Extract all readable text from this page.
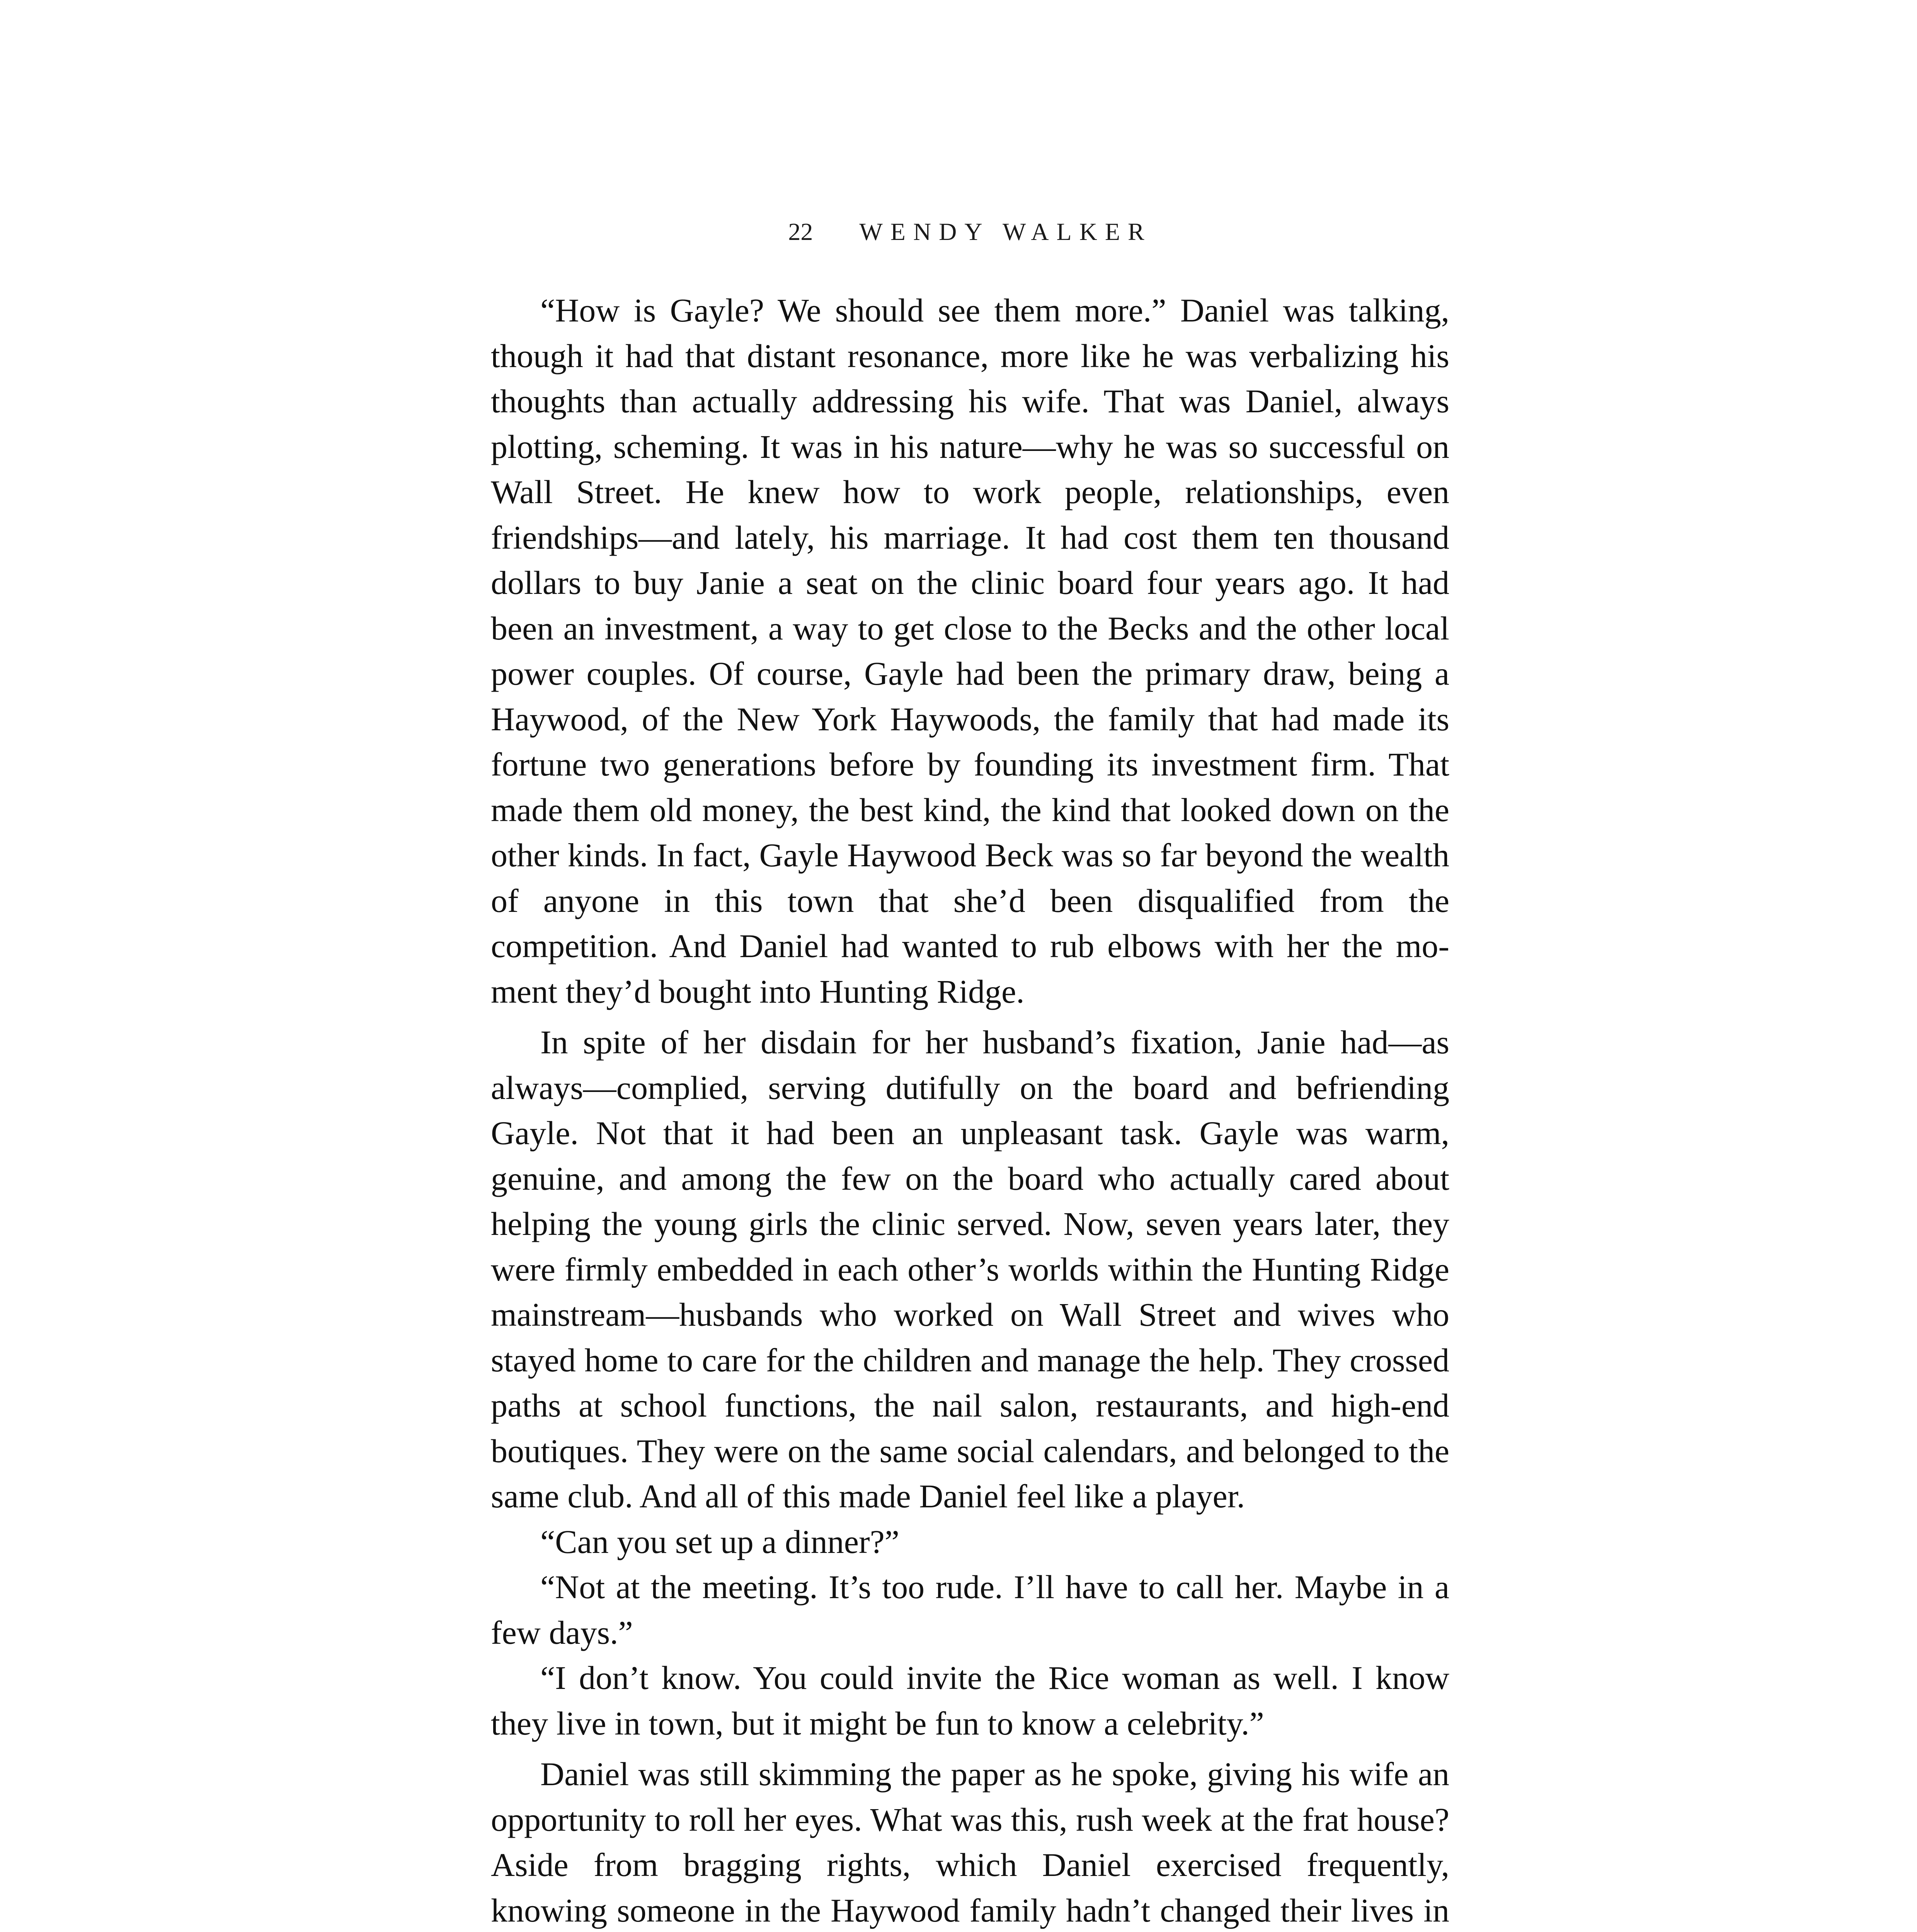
22 WENDY WALKER

“How is Gayle? We should see them more.” Daniel was talking, though it had that distant resonance, more like he was verbalizing his thoughts than actually addressing his wife. That was Daniel, always plotting, scheming. It was in his nature—why he was so successful on Wall Street. He knew how to work people, relationships, even friendships—and lately, his marriage. It had cost them ten thousand dollars to buy Janie a seat on the clinic board four years ago. It had been an investment, a way to get close to the Becks and the other local power couples. Of course, Gayle had been the primary draw, being a Haywood, of the New York Haywoods, the family that had made its fortune two generations before by founding its investment firm. That made them old money, the best kind, the kind that looked down on the other kinds. In fact, Gayle Haywood Beck was so far beyond the wealth of anyone in this town that she’d been disqualified from the competition. And Daniel had wanted to rub elbows with her the moment they’d bought into Hunting Ridge.

In spite of her disdain for her husband’s fixation, Janie had—as always—complied, serving dutifully on the board and befriending Gayle. Not that it had been an unpleasant task. Gayle was warm, genuine, and among the few on the board who actually cared about helping the young girls the clinic served. Now, seven years later, they were firmly embedded in each other’s worlds within the Hunting Ridge mainstream—husbands who worked on Wall Street and wives who stayed home to care for the children and manage the help. They crossed paths at school functions, the nail salon, restaurants, and high-end boutiques. They were on the same social calendars, and belonged to the same club. And all of this made Daniel feel like a player.

“Can you set up a dinner?”

“Not at the meeting. It’s too rude. I’ll have to call her. Maybe in a few days.”

“I don’t know. You could invite the Rice woman as well. I know they live in town, but it might be fun to know a celebrity.”

Daniel was still skimming the paper as he spoke, giving his wife an opportunity to roll her eyes. What was this, rush week at the frat house? Aside from bragging rights, which Daniel exercised frequently, knowing someone in the Haywood family hadn’t changed their lives in
